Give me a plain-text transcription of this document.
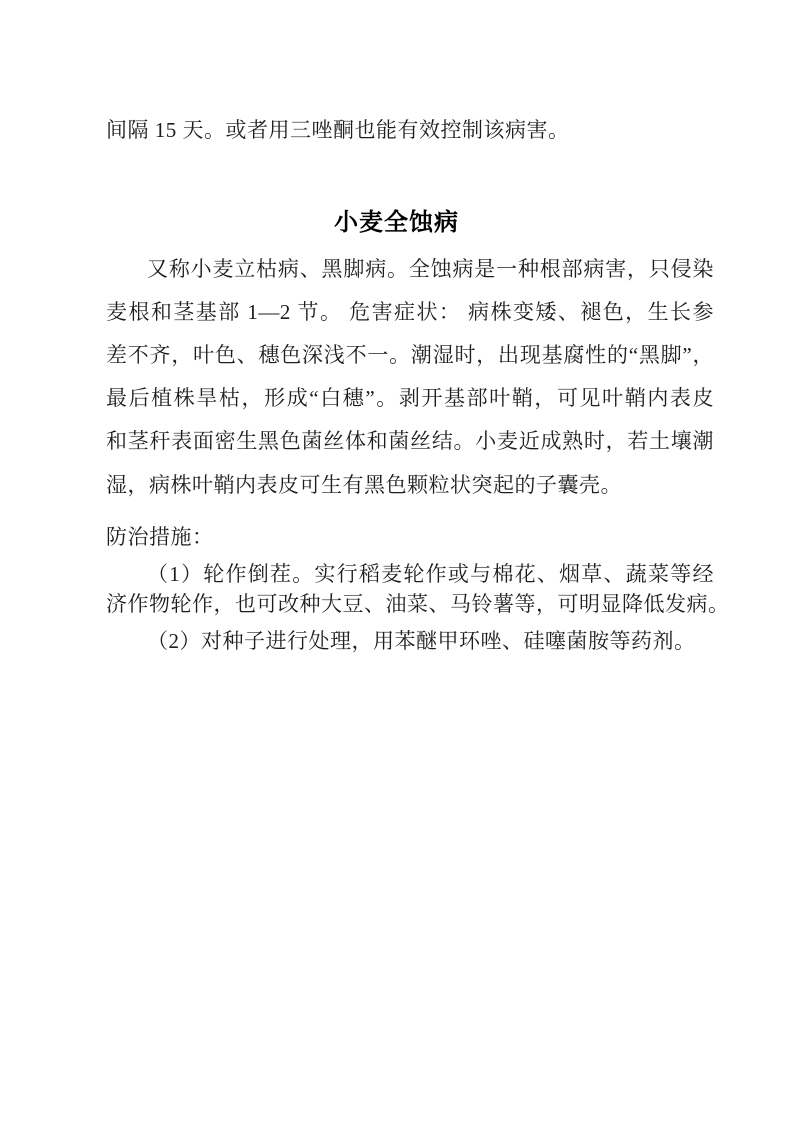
间隔 15 天。或者用三唑酮也能有效控制该病害。
小麦全蚀病
又称小麦立枯病、黑脚病。全蚀病是一种根部病害，只侵染
麦根和茎基部 1—2 节。 危害症状： 病株变矮、褪色，生长参
差不齐，叶色、穗色深浅不一。潮湿时，出现基腐性的“黑脚”，
最后植株旱枯，形成“白穗”。剥开基部叶鞘，可见叶鞘内表皮
和茎秆表面密生黑色菌丝体和菌丝结。小麦近成熟时，若土壤潮
湿，病株叶鞘内表皮可生有黑色颗粒状突起的子囊壳。
防治措施：
（1）轮作倒茬。实行稻麦轮作或与棉花、烟草、蔬菜等经
济作物轮作，也可改种大豆、油菜、马铃薯等，可明显降低发病。
（2）对种子进行处理，用苯醚甲环唑、硅噻菌胺等药剂。
